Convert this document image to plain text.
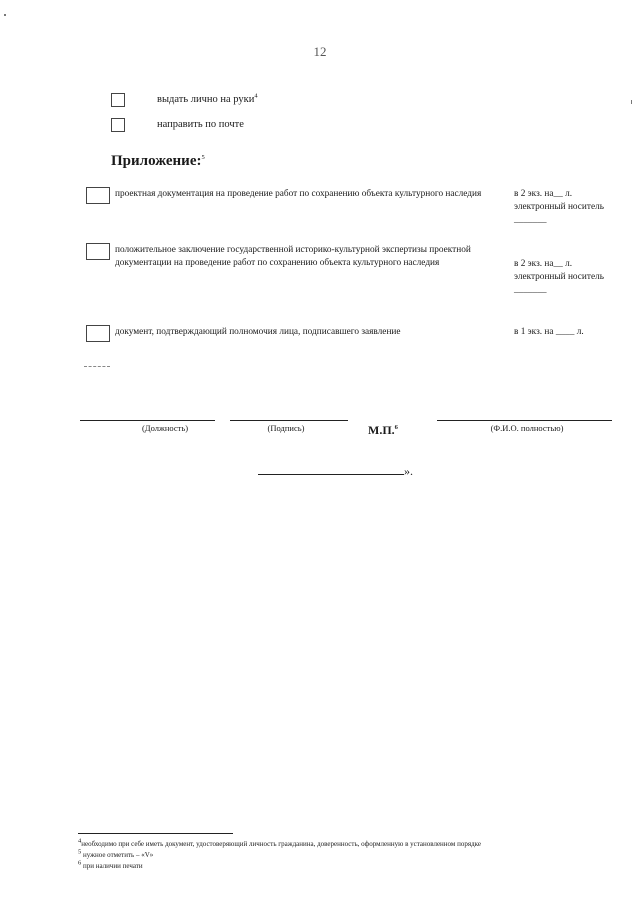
12
выдать лично на руки$^4$
направить по почте
Приложение:$^5$
проектная документация на проведение работ по сохранению объекта культурного наследия	в 2 экз. на__ л. электронный носитель _______
положительное заключение государственной историко-культурной экспертизы проектной документации на проведение работ по сохранению объекта культурного наследия	в 2 экз. на__ л. электронный носитель _______
документ, подтверждающий полномочия лица, подписавшего заявление	в 1 экз. на ____ л.
(Должность)	(Подпись)	М.П.$^6$	(Ф.И.О. полностью)
».
$^4$необходимо при себе иметь документ, удостоверяющий личность гражданина, доверенность, оформленную в установленном порядке
$^5$ нужное отметить – «V»
$^6$ при наличии печати
